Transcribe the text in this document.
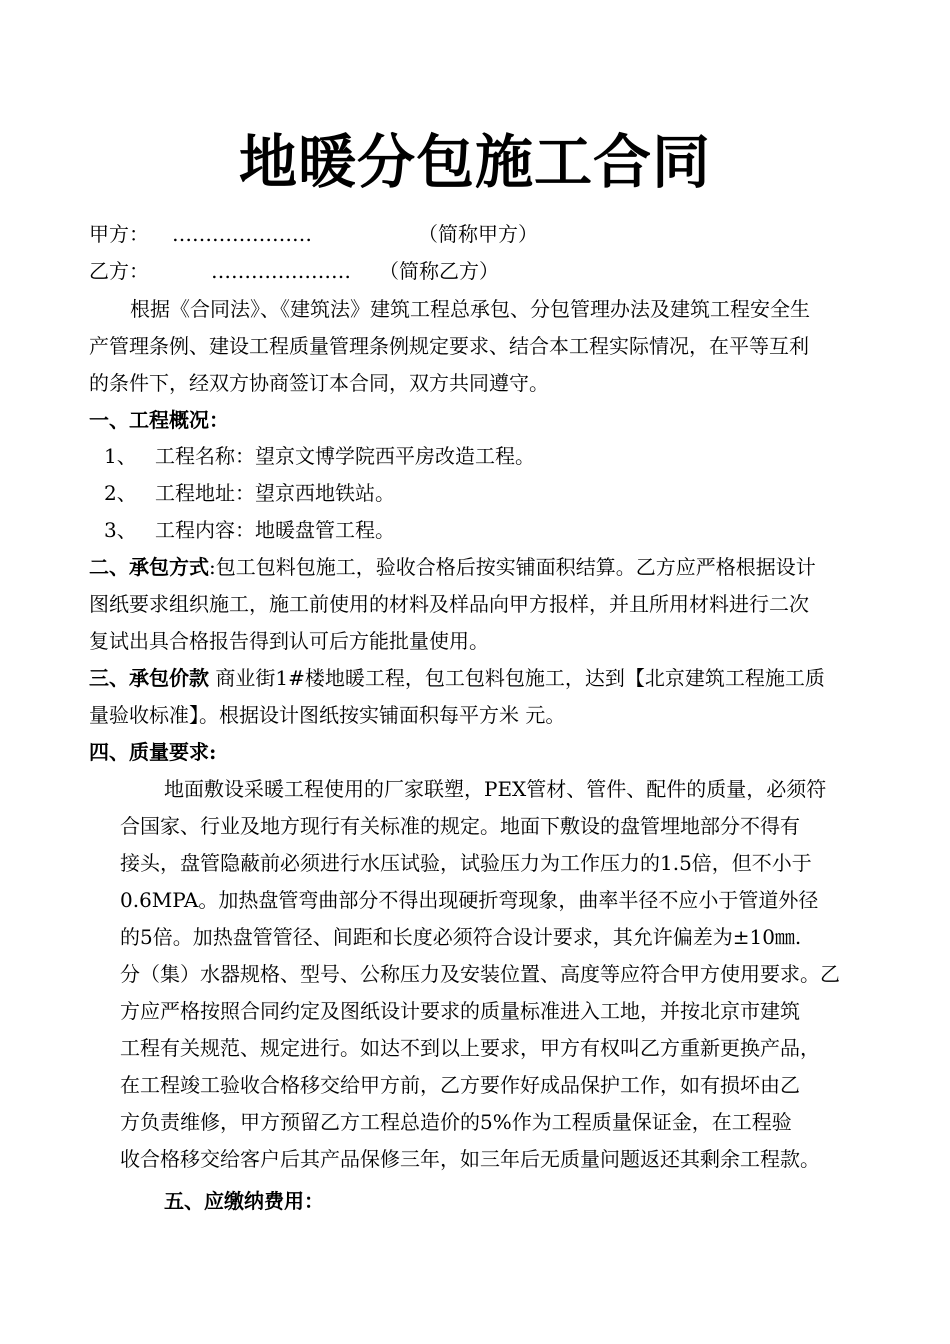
地暖分包施工合同
甲方： …………………	（简称甲方）
乙方：	………………… （简称乙方）
根据《合同法》、《建筑法》建筑工程总承包、分包管理办法及建筑工程安全生
产管理条例、建设工程质量管理条例规定要求、结合本工程实际情况，在平等互利
的条件下，经双方协商签订本合同，双方共同遵守。
一、工程概况：
1、 工程名称：望京文博学院西平房改造工程。
2、 工程地址：望京西地铁站。
3、 工程内容：地暖盘管工程。
二、承包方式:包工包料包施工，验收合格后按实铺面积结算。乙方应严格根据设计
图纸要求组织施工，施工前使用的材料及样品向甲方报样，并且所用材料进行二次
复试出具合格报告得到认可后方能批量使用。
三、承包价款 商业街1#楼地暖工程，包工包料包施工，达到【北京建筑工程施工质
量验收标准】。根据设计图纸按实铺面积每平方米 元。
四、质量要求:
地面敷设采暖工程使用的厂家联塑，PEX管材、管件、配件的质量，必须符
合国家、行业及地方现行有关标准的规定。地面下敷设的盘管埋地部分不得有
接头，盘管隐蔽前必须进行水压试验，试验压力为工作压力的1.5倍，但不小于
0.6MPA。加热盘管弯曲部分不得出现硬折弯现象，曲率半径不应小于管道外径
的5倍。加热盘管管径、间距和长度必须符合设计要求，其允许偏差为±10㎜.
分（集）水器规格、型号、公称压力及安装位置、高度等应符合甲方使用要求。乙
方应严格按照合同约定及图纸设计要求的质量标准进入工地，并按北京市建筑
工程有关规范、规定进行。如达不到以上要求，甲方有权叫乙方重新更换产品，
在工程竣工验收合格移交给甲方前，乙方要作好成品保护工作，如有损坏由乙
方负责维修，甲方预留乙方工程总造价的5%作为工程质量保证金，在工程验
收合格移交给客户后其产品保修三年，如三年后无质量问题返还其剩余工程款。
五、应缴纳费用：
